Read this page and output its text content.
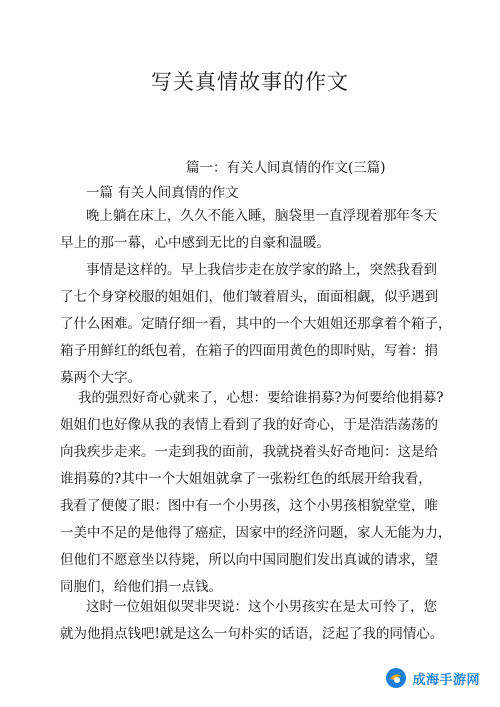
写关真情故事的作文
篇一：有关人间真情的作文(三篇)
一篇 有关人间真情的作文
晚上躺在床上，久久不能入睡，脑袋里一直浮现着那年冬天
早上的那一幕，心中感到无比的自豪和温暖。
事情是这样的。早上我信步走在放学家的路上，突然我看到
了七个身穿校服的姐姐们，他们皱着眉头，面面相觑，似乎遇到
了什么困难。定睛仔细一看，其中的一个大姐姐还那拿着个箱子，
箱子用鲜红的纸包着，在箱子的四面用黄色的即时贴，写着：捐
募两个大字。
我的强烈好奇心就来了，心想：要给谁捐募?为何要给他捐募?
姐姐们也好像从我的表情上看到了我的好奇心，于是浩浩荡荡的
向我疾步走来。一走到我的面前，我就挠着头好奇地问：这是给
谁捐募的?其中一个大姐姐就拿了一张粉红色的纸展开给我看，
我看了便傻了眼：图中有一个小男孩，这个小男孩相貌堂堂，唯
一美中不足的是他得了癌症，因家中的经济问题，家人无能为力，
但他们不愿意坐以待毙，所以向中国同胞们发出真诚的请求，望
同胞们，给他们捐一点钱。
这时一位姐姐似哭非哭说：这个小男孩实在是太可怜了，您
就为他捐点钱吧!就是这么一句朴实的话语，泛起了我的同情心。
成海手游网
